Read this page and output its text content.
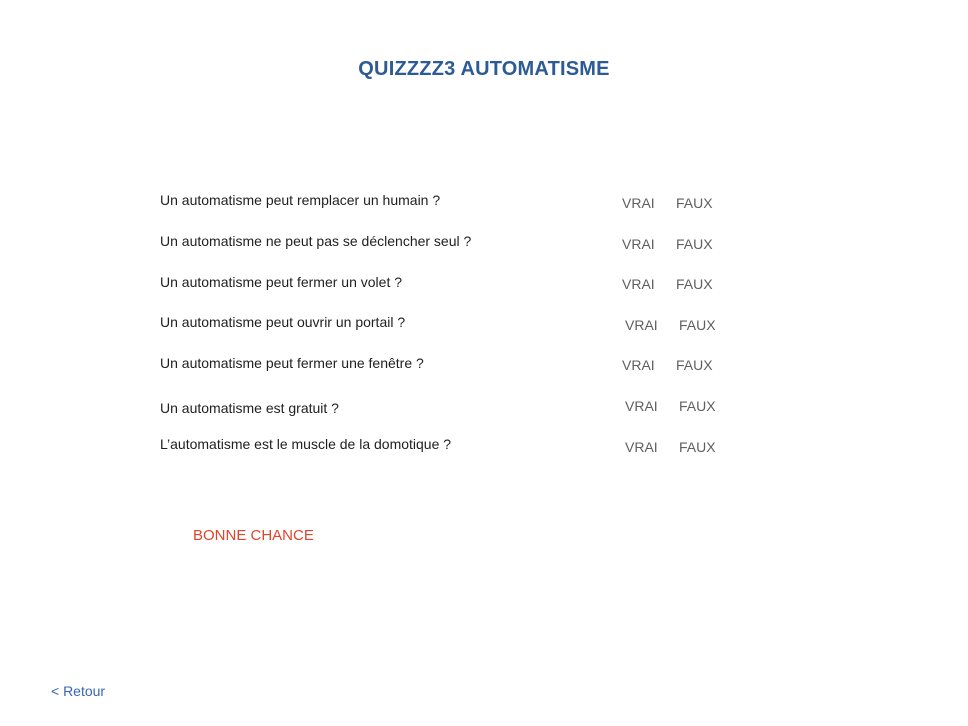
QUIZZZZ3 AUTOMATISME
Un automatisme peut remplacer un humain ?	VRAI FAUX
Un automatisme ne peut pas se déclencher seul ?	VRAI FAUX
Un automatisme peut fermer un volet ?	VRAI FAUX
Un automatisme peut ouvrir un portail ?	VRAI FAUX
Un automatisme peut fermer une fenêtre ?	VRAI FAUX
Un automatisme est gratuit ?	VRAI FAUX
L’automatisme est le muscle de la domotique ?	VRAI FAUX
BONNE CHANCE
< Retour
